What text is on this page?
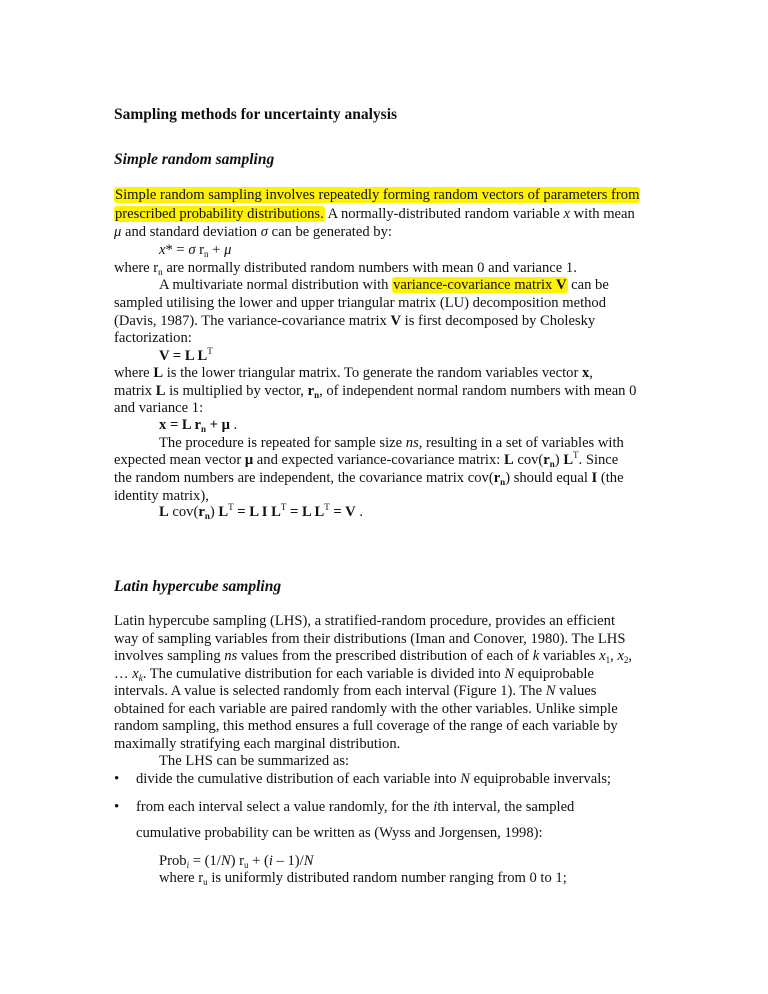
Sampling methods for uncertainty analysis
Simple random sampling
Simple random sampling involves repeatedly forming random vectors of parameters from
prescribed probability distributions. A normally-distributed random variable x with mean
μ and standard deviation σ can be generated by:
x* = σ $r_n + \mu$
where $r_n$ are normally distributed random numbers with mean 0 and variance 1.
A multivariate normal distribution with variance-covariance matrix V can be
sampled utilising the lower and upper triangular matrix (LU) decomposition method
(Davis, 1987). The variance-covariance matrix V is first decomposed by Cholesky
factorization:
V = L $L^T$
where L is the lower triangular matrix. To generate the random variables vector x,
matrix L is multiplied by vector, $r_n$, of independent normal random numbers with mean 0
and variance 1:
x = L $r_n + \mu$ .
The procedure is repeated for sample size ns, resulting in a set of variables with
expected mean vector μ and expected variance-covariance matrix: L $cov(r_n)$ $L^T$. Since
the random numbers are independent, the covariance matrix $cov(r_n)$ should equal I (the
identity matrix),
L $cov(r_n) L^T = L$ I $L^T = L$ $L^T = V$ .
Latin hypercube sampling
Latin hypercube sampling (LHS), a stratified-random procedure, provides an efficient
way of sampling variables from their distributions (Iman and Conover, 1980). The LHS
involves sampling ns values from the prescribed distribution of each of k variables $x_1$, $x_2$,
… $x_k$. The cumulative distribution for each variable is divided into N equiprobable
intervals. A value is selected randomly from each interval (Figure 1). The N values
obtained for each variable are paired randomly with the other variables. Unlike simple
random sampling, this method ensures a full coverage of the range of each variable by
maximally stratifying each marginal distribution.
The LHS can be summarized as:
• divide the cumulative distribution of each variable into N equiprobable invervals;
• from each interval select a value randomly, for the ith interval, the sampled
cumulative probability can be written as (Wyss and Jorgensen, 1998):
Prob$_i$ = (1/N) $r_u + (i - 1)/N$
where $r_u$ is uniformly distributed random number ranging from 0 to 1;
